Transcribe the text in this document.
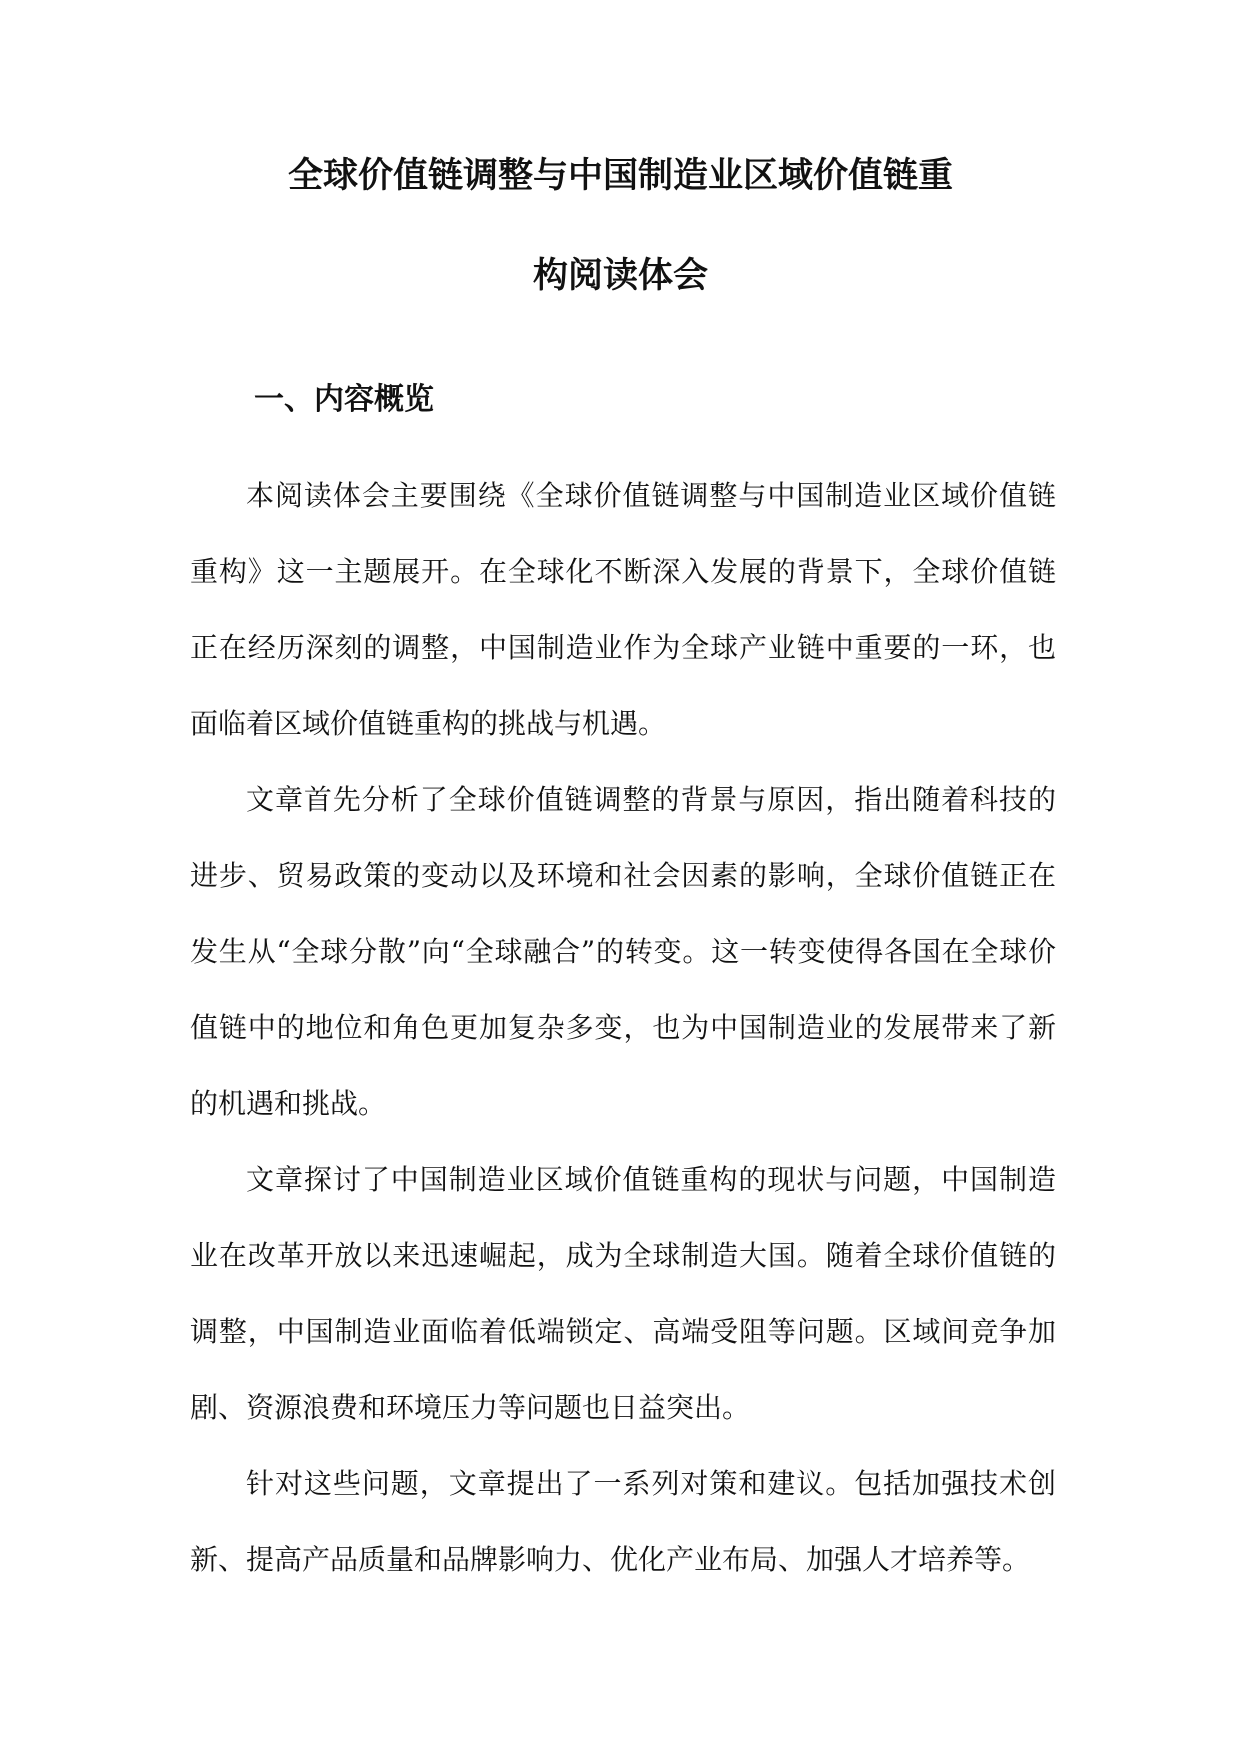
全球价值链调整与中国制造业区域价值链重
构阅读体会
一、内容概览

本阅读体会主要围绕《全球价值链调整与中国制造业区域价值链重构》这一主题展开。在全球化不断深入发展的背景下，全球价值链正在经历深刻的调整，中国制造业作为全球产业链中重要的一环，也面临着区域价值链重构的挑战与机遇。

文章首先分析了全球价值链调整的背景与原因，指出随着科技的进步、贸易政策的变动以及环境和社会因素的影响，全球价值链正在发生从“全球分散”向“全球融合”的转变。这一转变使得各国在全球价值链中的地位和角色更加复杂多变，也为中国制造业的发展带来了新的机遇和挑战。

文章探讨了中国制造业区域价值链重构的现状与问题，中国制造业在改革开放以来迅速崛起，成为全球制造大国。随着全球价值链的调整，中国制造业面临着低端锁定、高端受阻等问题。区域间竞争加剧、资源浪费和环境压力等问题也日益突出。

针对这些问题，文章提出了一系列对策和建议。包括加强技术创新、提高产品质量和品牌影响力、优化产业布局、加强人才培养等。
